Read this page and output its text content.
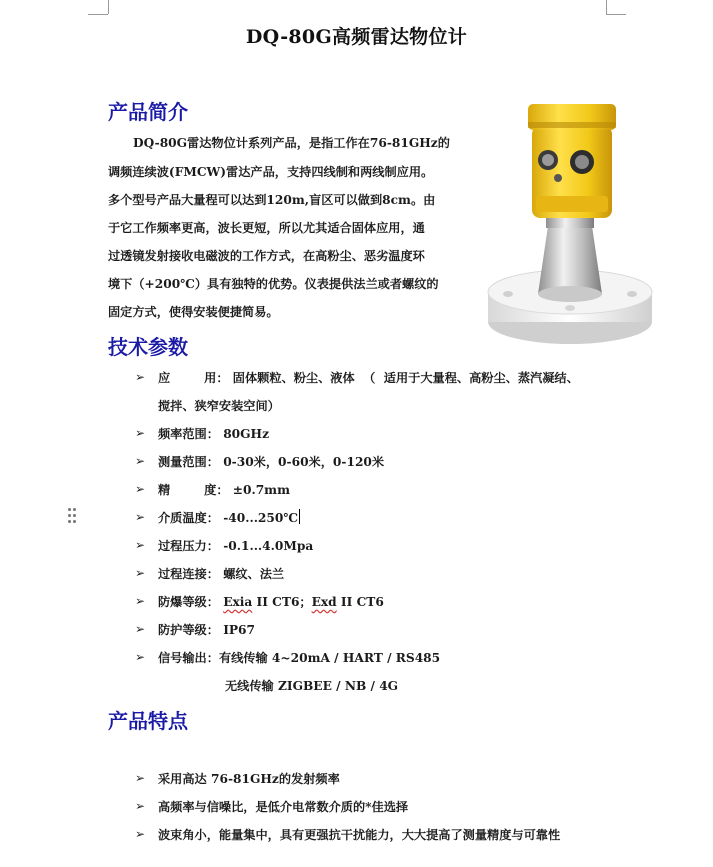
DQ-80G高频雷达物位计
产品简介
DQ-80G雷达物位计系列产品，是指工作在76-81GHz的
调频连续波(FMCW)雷达产品，支持四线制和两线制应用。
多个型号产品大量程可以达到120m,盲区可以做到8cm。由
于它工作频率更高，波长更短，所以尤其适合固体应用，通
过透镜发射接收电磁波的工作方式，在高粉尘、恶劣温度环
境下（+200℃）具有独特的优势。仪表提供法兰或者螺纹的
固定方式，使得安装便捷简易。
技术参数
➢ 应        用： 固体颗粒、粉尘、液体  （  适用于大量程、高粉尘、蒸汽凝结、
搅拌、狭窄安装空间）
➢ 频率范围： 80GHz
➢ 测量范围： 0-30米，0-60米，0-120米
➢ 精        度： ±0.7mm
➢ 介质温度： -40...250℃
➢ 过程压力： -0.1...4.0Mpa
➢ 过程连接： 螺纹、法兰
➢ 防爆等级： Exia II CT6；Exd II CT6
➢ 防护等级： IP67
➢ 信号输出：有线传输 4~20mA / HART / RS485
无线传输 ZIGBEE / NB / 4G
产品特点
➢ 采用高达 76-81GHz的发射频率
➢ 高频率与信噪比，是低介电常数介质的*佳选择
➢ 波束角小，能量集中，具有更强抗干扰能力，大大提高了测量精度与可靠性
